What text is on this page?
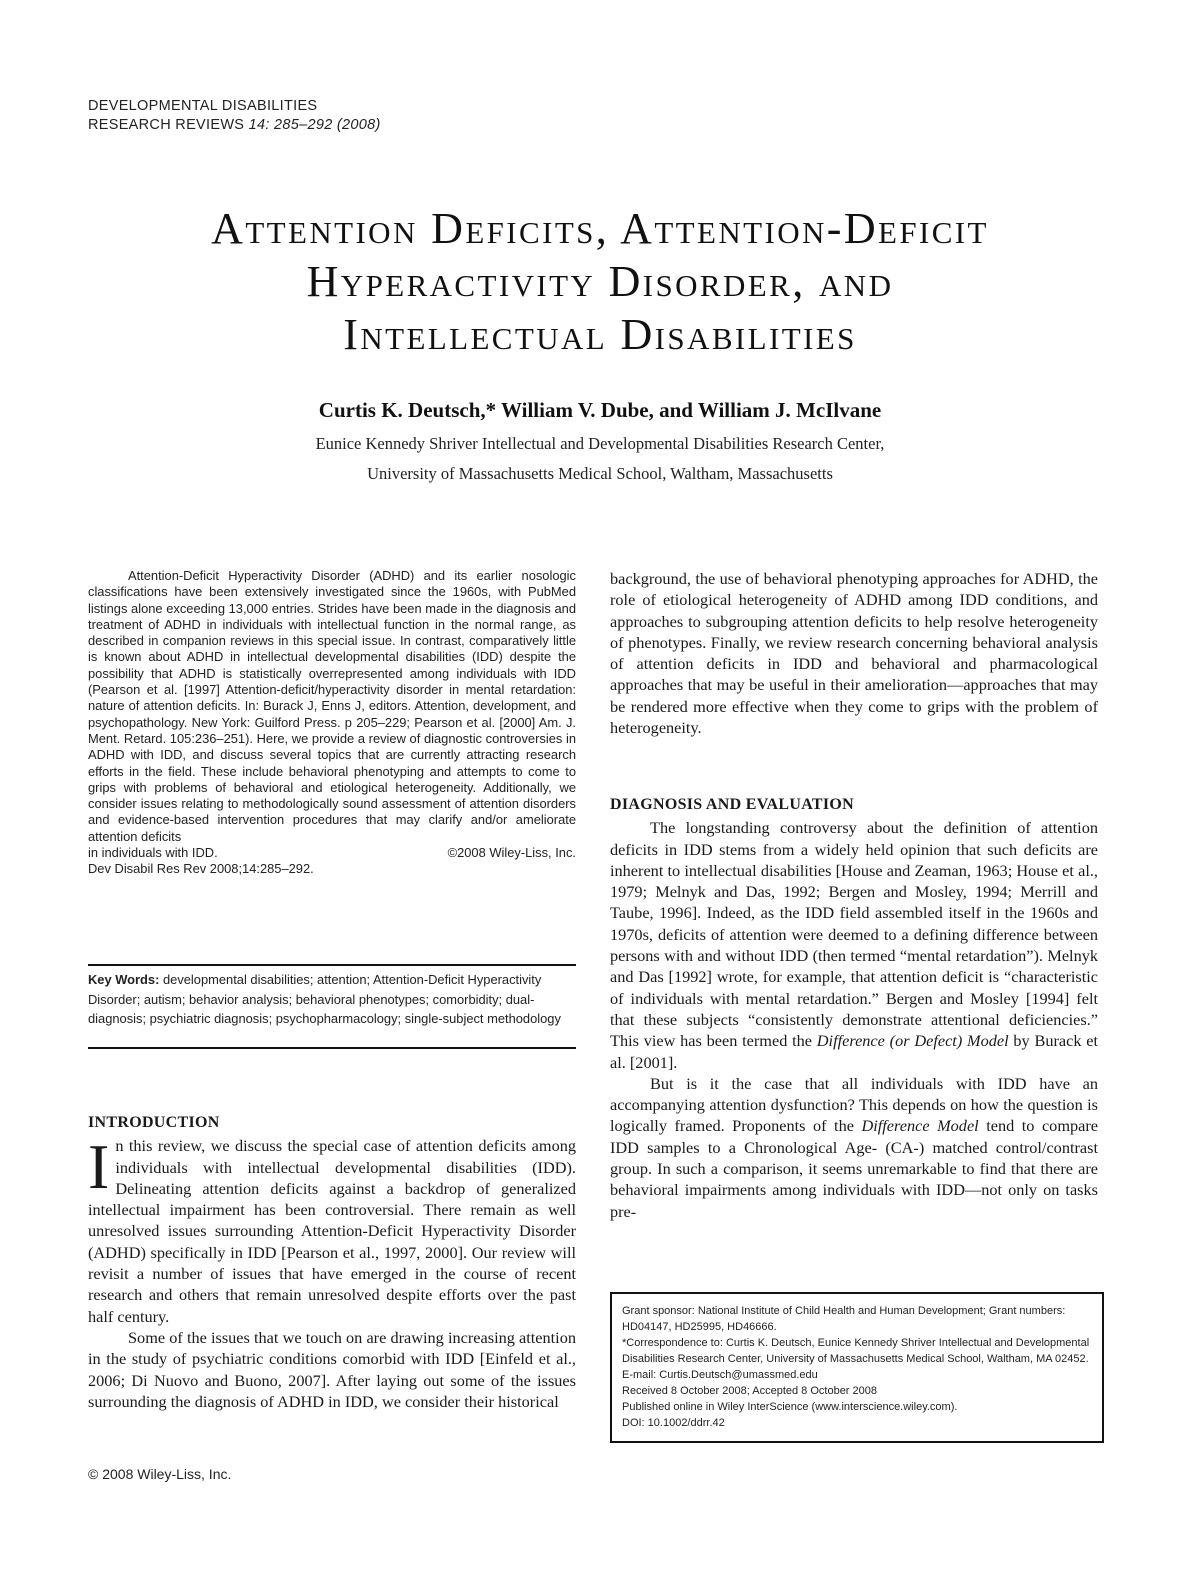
DEVELOPMENTAL DISABILITIES
RESEARCH REVIEWS 14: 285–292 (2008)
Attention Deficits, Attention-Deficit
Hyperactivity Disorder, and
Intellectual Disabilities
Curtis K. Deutsch,* William V. Dube, and William J. McIlvane
Eunice Kennedy Shriver Intellectual and Developmental Disabilities Research Center,
University of Massachusetts Medical School, Waltham, Massachusetts

Attention-Deficit Hyperactivity Disorder (ADHD) and its earlier nosologic classifications have been extensively investigated since the 1960s, with PubMed listings alone exceeding 13,000 entries. Strides have been made in the diagnosis and treatment of ADHD in individuals with intellectual function in the normal range, as described in companion reviews in this special issue. In contrast, comparatively little is known about ADHD in intellectual developmental disabilities (IDD) despite the possibility that ADHD is statistically overrepresented among individuals with IDD (Pearson et al. [1997] Attention-deficit/hyperactivity disorder in mental retardation: nature of attention deficits. In: Burack J, Enns J, editors. Attention, development, and psychopathology. New York: Guilford Press. p 205–229; Pearson et al. [2000] Am. J. Ment. Retard. 105:236–251). Here, we provide a review of diagnostic controversies in ADHD with IDD, and discuss several topics that are currently attracting research efforts in the field. These include behavioral phenotyping and attempts to come to grips with problems of behavioral and etiological heterogeneity. Additionally, we consider issues relating to methodologically sound assessment of attention disorders and evidence-based intervention procedures that may clarify and/or ameliorate attention deficits

in individuals with IDD.	©2008 Wiley-Liss, Inc.
Dev Disabil Res Rev 2008;14:285–292.
Key Words: developmental disabilities; attention; Attention-Deficit Hyperactivity Disorder; autism; behavior analysis; behavioral phenotypes; comorbidity; dual-diagnosis; psychiatric diagnosis; psychopharmacology; single-subject methodology
INTRODUCTION

In this review, we discuss the special case of attention deficits among individuals with intellectual developmental disabilities (IDD). Delineating attention deficits against a backdrop of generalized intellectual impairment has been controversial. There remain as well unresolved issues surrounding Attention-Deficit Hyperactivity Disorder (ADHD) specifically in IDD [Pearson et al., 1997, 2000]. Our review will revisit a number of issues that have emerged in the course of recent research and others that remain unresolved despite efforts over the past half century.

Some of the issues that we touch on are drawing increasing attention in the study of psychiatric conditions comorbid with IDD [Einfeld et al., 2006; Di Nuovo and Buono, 2007]. After laying out some of the issues surrounding the diagnosis of ADHD in IDD, we consider their historical

background, the use of behavioral phenotyping approaches for ADHD, the role of etiological heterogeneity of ADHD among IDD conditions, and approaches to subgrouping attention deficits to help resolve heterogeneity of phenotypes. Finally, we review research concerning behavioral analysis of attention deficits in IDD and behavioral and pharmacological approaches that may be useful in their amelioration—approaches that may be rendered more effective when they come to grips with the problem of heterogeneity.

DIAGNOSIS AND EVALUATION

The longstanding controversy about the definition of attention deficits in IDD stems from a widely held opinion that such deficits are inherent to intellectual disabilities [House and Zeaman, 1963; House et al., 1979; Melnyk and Das, 1992; Bergen and Mosley, 1994; Merrill and Taube, 1996]. Indeed, as the IDD field assembled itself in the 1960s and 1970s, deficits of attention were deemed to a defining difference between persons with and without IDD (then termed “mental retardation”). Melnyk and Das [1992] wrote, for example, that attention deficit is “characteristic of individuals with mental retardation.” Bergen and Mosley [1994] felt that these subjects “consistently demonstrate attentional deficiencies.” This view has been termed the Difference (or Defect) Model by Burack et al. [2001].

But is it the case that all individuals with IDD have an accompanying attention dysfunction? This depends on how the question is logically framed. Proponents of the Difference Model tend to compare IDD samples to a Chronological Age- (CA-) matched control/contrast group. In such a comparison, it seems unremarkable to find that there are behavioral impairments among individuals with IDD—not only on tasks pre-

Grant sponsor: National Institute of Child Health and Human Development; Grant numbers: HD04147, HD25995, HD46666.

*Correspondence to: Curtis K. Deutsch, Eunice Kennedy Shriver Intellectual and Developmental Disabilities Research Center, University of Massachusetts Medical School, Waltham, MA 02452. E-mail: Curtis.Deutsch@umassmed.edu

Received 8 October 2008; Accepted 8 October 2008

Published online in Wiley InterScience (www.interscience.wiley.com).

DOI: 10.1002/ddrr.42

© 2008 Wiley-Liss, Inc.
